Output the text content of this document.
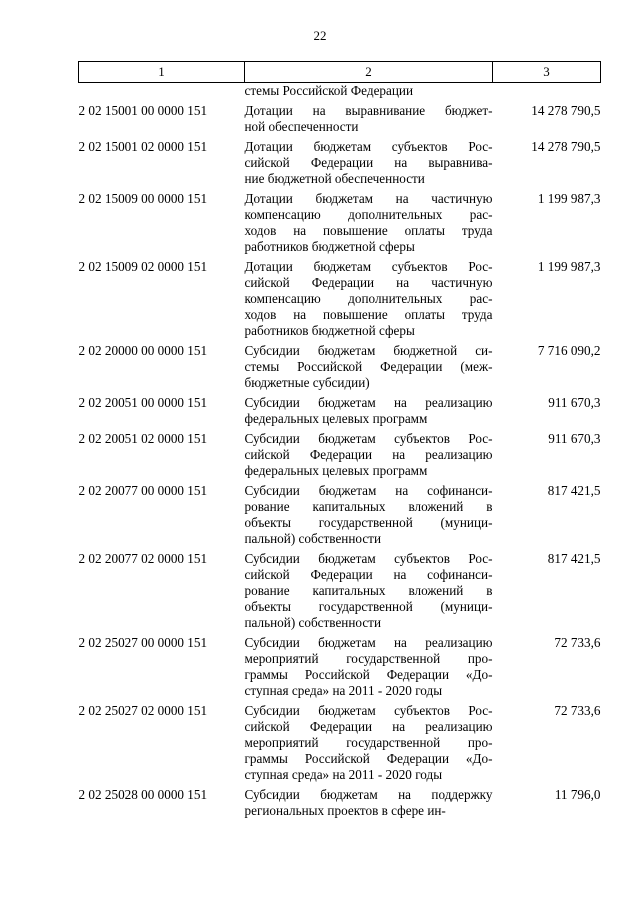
22
1	2	3

	стемы Российской Федерации	

2 02 15001 00 0000 151	Дотации на выравнивание бюджет-
ной обеспеченности	14 278 790,5
2 02 15001 02 0000 151	Дотации бюджетам субъектов Рос-
сийской Федерации на выравнива-
ние бюджетной обеспеченности	14 278 790,5
2 02 15009 00 0000 151	Дотации бюджетам на частичную
компенсацию дополнительных рас-
ходов на повышение оплаты труда
работников бюджетной сферы	1 199 987,3
2 02 15009 02 0000 151	Дотации бюджетам субъектов Рос-
сийской Федерации на частичную
компенсацию дополнительных рас-
ходов на повышение оплаты труда
работников бюджетной сферы	1 199 987,3
2 02 20000 00 0000 151	Субсидии бюджетам бюджетной си-
стемы Российской Федерации (меж-
бюджетные субсидии)	7 716 090,2
2 02 20051 00 0000 151	Субсидии бюджетам на реализацию
федеральных целевых программ	911 670,3
2 02 20051 02 0000 151	Субсидии бюджетам субъектов Рос-
сийской Федерации на реализацию
федеральных целевых программ	911 670,3
2 02 20077 00 0000 151	Субсидии бюджетам на софинанси-
рование капитальных вложений в
объекты государственной (муници-
пальной) собственности	817 421,5
2 02 20077 02 0000 151	Субсидии бюджетам субъектов Рос-
сийской Федерации на софинанси-
рование капитальных вложений в
объекты государственной (муници-
пальной) собственности	817 421,5
2 02 25027 00 0000 151	Субсидии бюджетам на реализацию
мероприятий государственной про-
граммы Российской Федерации «До-
ступная среда» на 2011 - 2020 годы	72 733,6
2 02 25027 02 0000 151	Субсидии бюджетам субъектов Рос-
сийской Федерации на реализацию
мероприятий государственной про-
граммы Российской Федерации «До-
ступная среда» на 2011 - 2020 годы	72 733,6
2 02 25028 00 0000 151	Субсидии бюджетам на поддержку
региональных проектов в сфере ин-	11 796,0
